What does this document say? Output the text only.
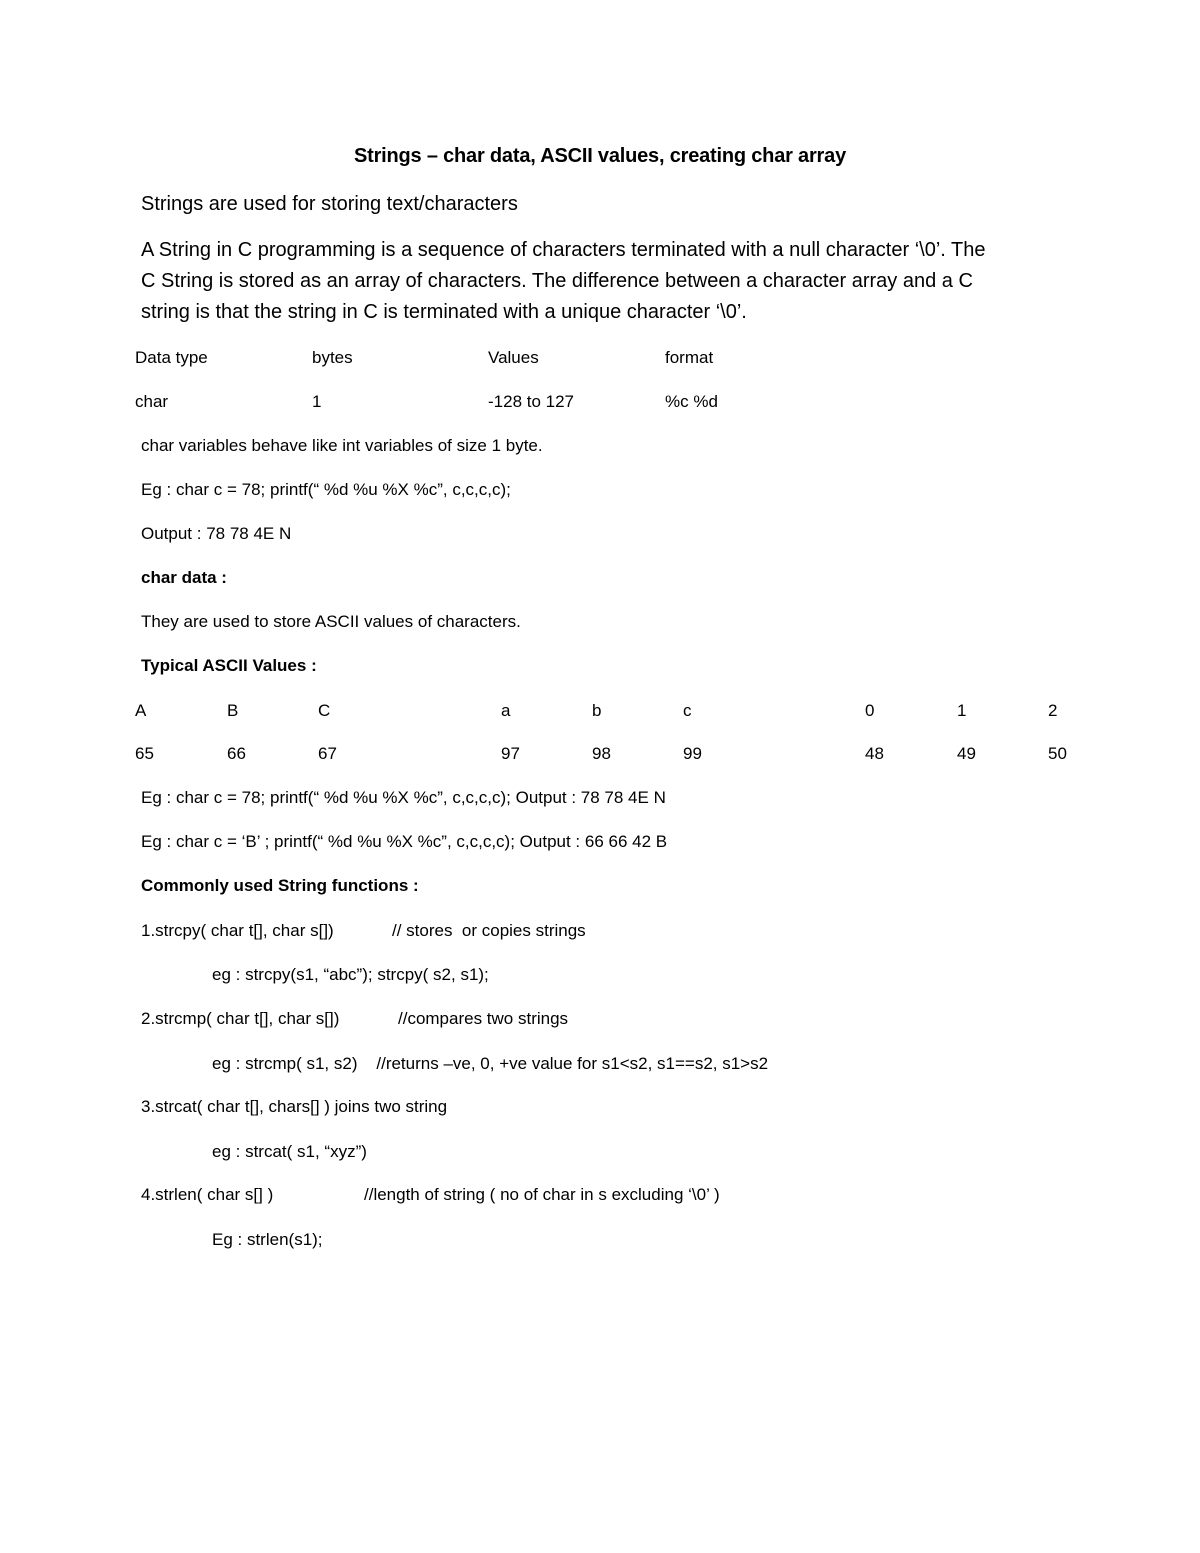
Strings – char data, ASCII values, creating char array
Strings are used for storing text/characters
A String in C programming is a sequence of characters terminated with a null character ‘\0’. The
C String is stored as an array of characters. The difference between a character array and a C
string is that the string in C is terminated with a unique character ‘\0’.
Data type	bytes	Values	format
char	1	-128 to 127	%c %d
char variables behave like int variables of size 1 byte.
Eg : char c = 78; printf(“ %d %u %X %c”, c,c,c,c);
Output : 78 78 4E N
char data :
They are used to store ASCII values of characters.
Typical ASCII Values :
A	B	C	a	b	c	0	1	2
65	66	67	97	98	99	48	49	50
Eg : char c = 78; printf(“ %d %u %X %c”, c,c,c,c); Output : 78 78 4E N
Eg : char c = ‘B’ ; printf(“ %d %u %X %c”, c,c,c,c); Output : 66 66 42 B
Commonly used String functions :
1.strcpy( char t[], char s[])	// stores  or copies strings
eg : strcpy(s1, “abc”); strcpy( s2, s1);
2.strcmp( char t[], char s[])	//compares two strings
eg : strcmp( s1, s2)    //returns –ve, 0, +ve value for s1<s2, s1==s2, s1>s2
3.strcat( char t[], chars[] ) joins two string
eg : strcat( s1, “xyz”)
4.strlen( char s[] )	//length of string ( no of char in s excluding ‘\0’ )
Eg : strlen(s1);
